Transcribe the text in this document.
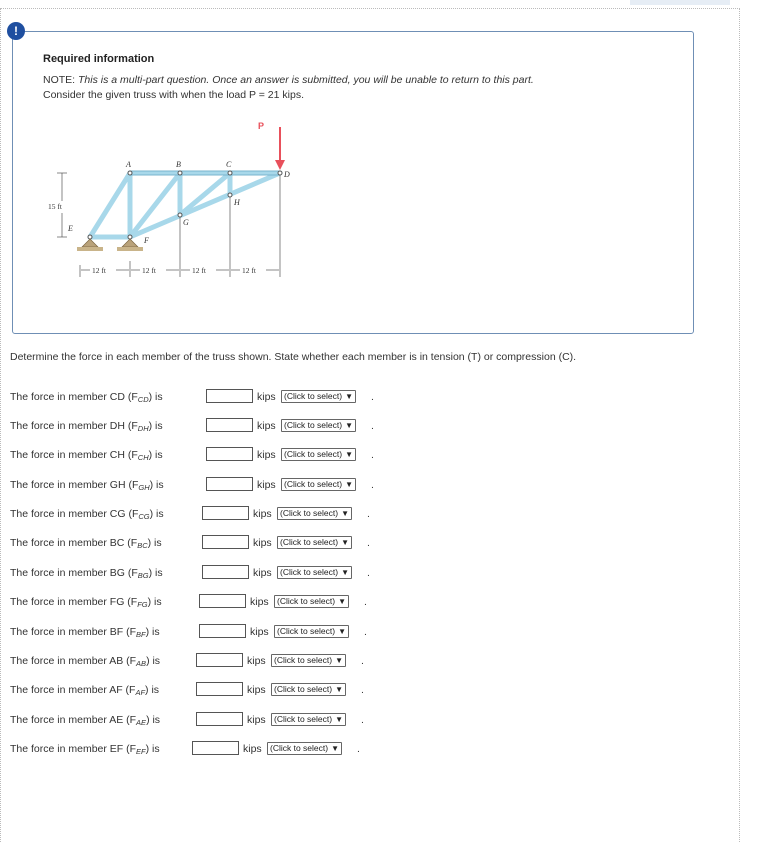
!
Required information
NOTE: This is a multi-part question. Once an answer is submitted, you will be unable to return to this part.
Consider the given truss with when the load P = 21 kips.
P
A	B	C
D
E
F
G
H
15 ft
12 ft	12 ft	12 ft	12 ft
Determine the force in each member of the truss shown. State whether each member is in tension (T) or compression (C).
The force in member CD $(F_{CD})$ is	kips (Click to select) ▼ .
The force in member DH $(F_{DH})$ is	kips (Click to select) ▼ .
The force in member CH $(F_{CH})$ is	kips (Click to select) ▼ .
The force in member GH $(F_{GH})$ is	kips (Click to select) ▼ .
The force in member CG $(F_{CG})$ is	kips (Click to select) ▼ .
The force in member BC $(F_{BC})$ is	kips (Click to select) ▼ .
The force in member BG $(F_{BG})$ is	kips (Click to select) ▼ .
The force in member FG $(F_{FG})$ is	kips (Click to select) ▼ .
The force in member BF $(F_{BF})$ is	kips (Click to select) ▼ .
The force in member AB $(F_{AB})$ is	kips (Click to select) ▼ .
The force in member AF $(F_{AF})$ is	kips (Click to select) ▼ .
The force in member AE $(F_{AE})$ is	kips (Click to select) ▼ .
The force in member EF $(F_{EF})$ is	kips (Click to select) ▼ .
